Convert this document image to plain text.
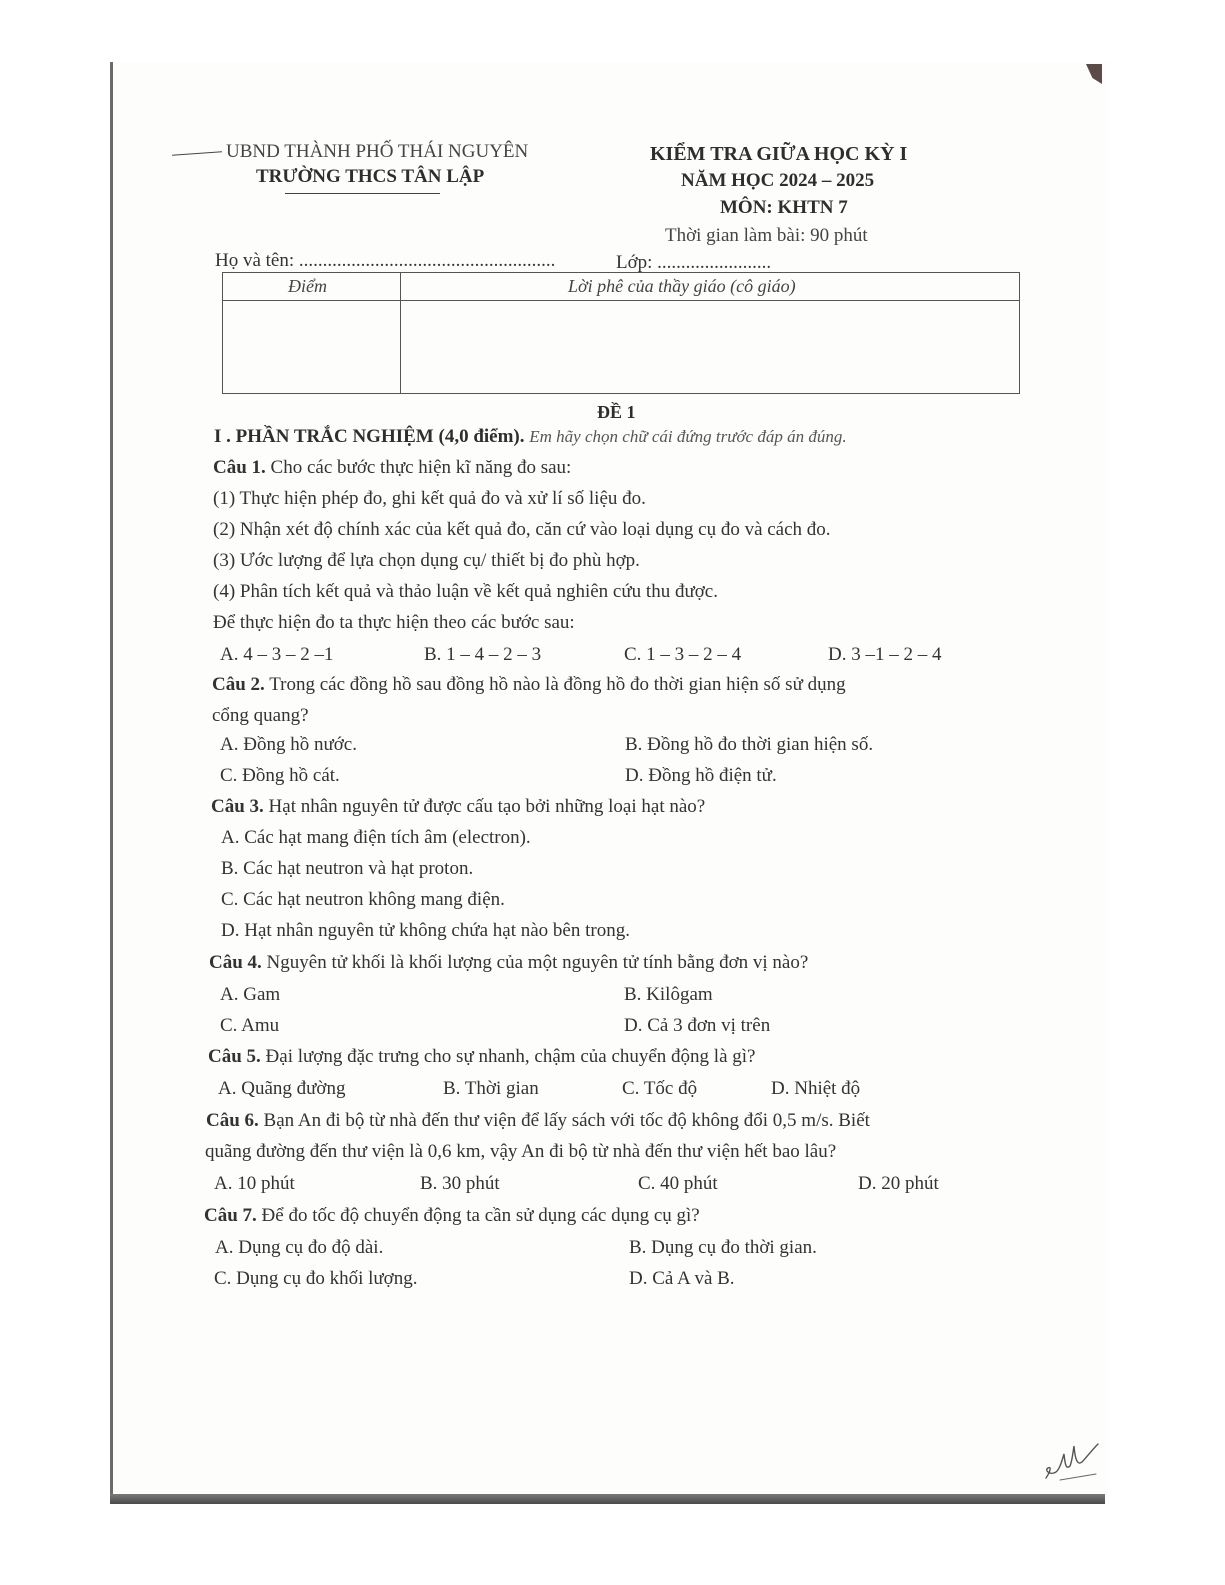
UBND THÀNH PHỐ THÁI NGUYÊN
TRƯỜNG THCS TÂN LẬP
KIỂM TRA GIỮA HỌC KỲ I
NĂM HỌC 2024 – 2025
MÔN: KHTN 7
Thời gian làm bài: 90 phút
Họ và tên: ......................................................	Lớp: ........................
Điểm	Lời phê của thầy giáo (cô giáo)
ĐỀ 1
I . PHẦN TRẮC NGHIỆM (4,0 điểm). Em hãy chọn chữ cái đứng trước đáp án đúng.
Câu 1. Cho các bước thực hiện kĩ năng đo sau:
(1) Thực hiện phép đo, ghi kết quả đo và xử lí số liệu đo.
(2) Nhận xét độ chính xác của kết quả đo, căn cứ vào loại dụng cụ đo và cách đo.
(3) Ước lượng để lựa chọn dụng cụ/ thiết bị đo phù hợp.
(4) Phân tích kết quả và thảo luận về kết quả nghiên cứu thu được.
Để thực hiện đo ta thực hiện theo các bước sau:
A. 4 – 3 – 2 –1	B. 1 – 4 – 2 – 3	C. 1 – 3 – 2 – 4	D. 3 –1 – 2 – 4
Câu 2. Trong các đồng hồ sau đồng hồ nào là đồng hồ đo thời gian hiện số sử dụng
cổng quang?
A. Đồng hồ nước.	B. Đồng hồ đo thời gian hiện số.
C. Đồng hồ cát.	D. Đồng hồ điện tử.
Câu 3. Hạt nhân nguyên tử được cấu tạo bởi những loại hạt nào?
A. Các hạt mang điện tích âm (electron).
B. Các hạt neutron và hạt proton.
C. Các hạt neutron không mang điện.
D. Hạt nhân nguyên tử không chứa hạt nào bên trong.
Câu 4. Nguyên tử khối là khối lượng của một nguyên tử tính bằng đơn vị nào?
A. Gam	B. Kilôgam
C. Amu	D. Cả 3 đơn vị trên
Câu 5. Đại lượng đặc trưng cho sự nhanh, chậm của chuyển động là gì?
A. Quãng đường	B. Thời gian	C. Tốc độ	D. Nhiệt độ
Câu 6. Bạn An đi bộ từ nhà đến thư viện để lấy sách với tốc độ không đổi 0,5 m/s. Biết
quãng đường đến thư viện là 0,6 km, vậy An đi bộ từ nhà đến thư viện hết bao lâu?
A. 10 phút	B. 30 phút	C. 40 phút	D. 20 phút
Câu 7. Để đo tốc độ chuyển động ta cần sử dụng các dụng cụ gì?
A. Dụng cụ đo độ dài.	B. Dụng cụ đo thời gian.
C. Dụng cụ đo khối lượng.	D. Cả A và B.
